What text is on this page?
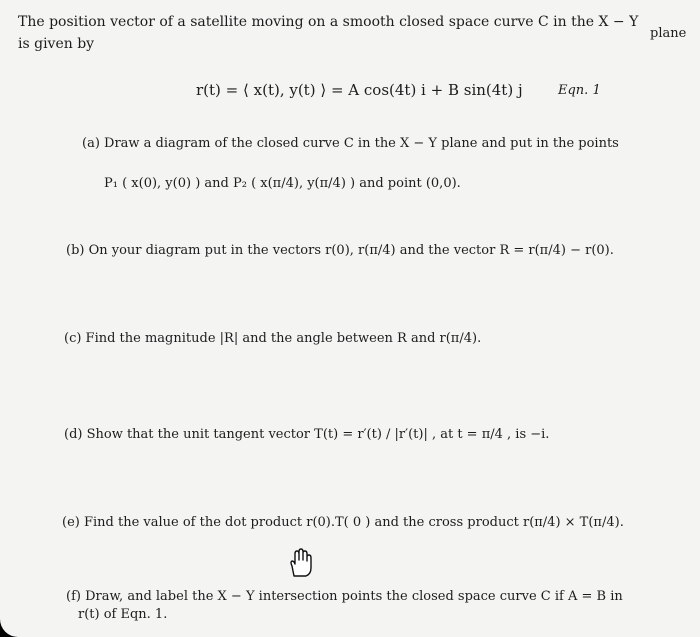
The position vector of a satellite moving on a smooth closed space curve C in the X − Y
plane
is given by
r(t) = ⟨ x(t), y(t) ⟩ = A cos(4t) i + B sin(4t) j	Eqn. 1
(a) Draw a diagram of the closed curve C in the X − Y plane and put in the points
P₁ ( x(0), y(0) ) and P₂ ( x(π/4), y(π/4) ) and point (0,0).
(b) On your diagram put in the vectors r(0), r(π/4) and the vector R = r(π/4) − r(0).
(c) Find the magnitude |R| and the angle between R and r(π/4).
(d) Show that the unit tangent vector T(t) = r′(t) / |r′(t)| , at t = π/4 , is −i.
(e) Find the value of the dot product r(0).T( 0 ) and the cross product r(π/4) × T(π/4).
(f) Draw, and label the X − Y intersection points the closed space curve C if A = B in
r(t) of Eqn. 1.
